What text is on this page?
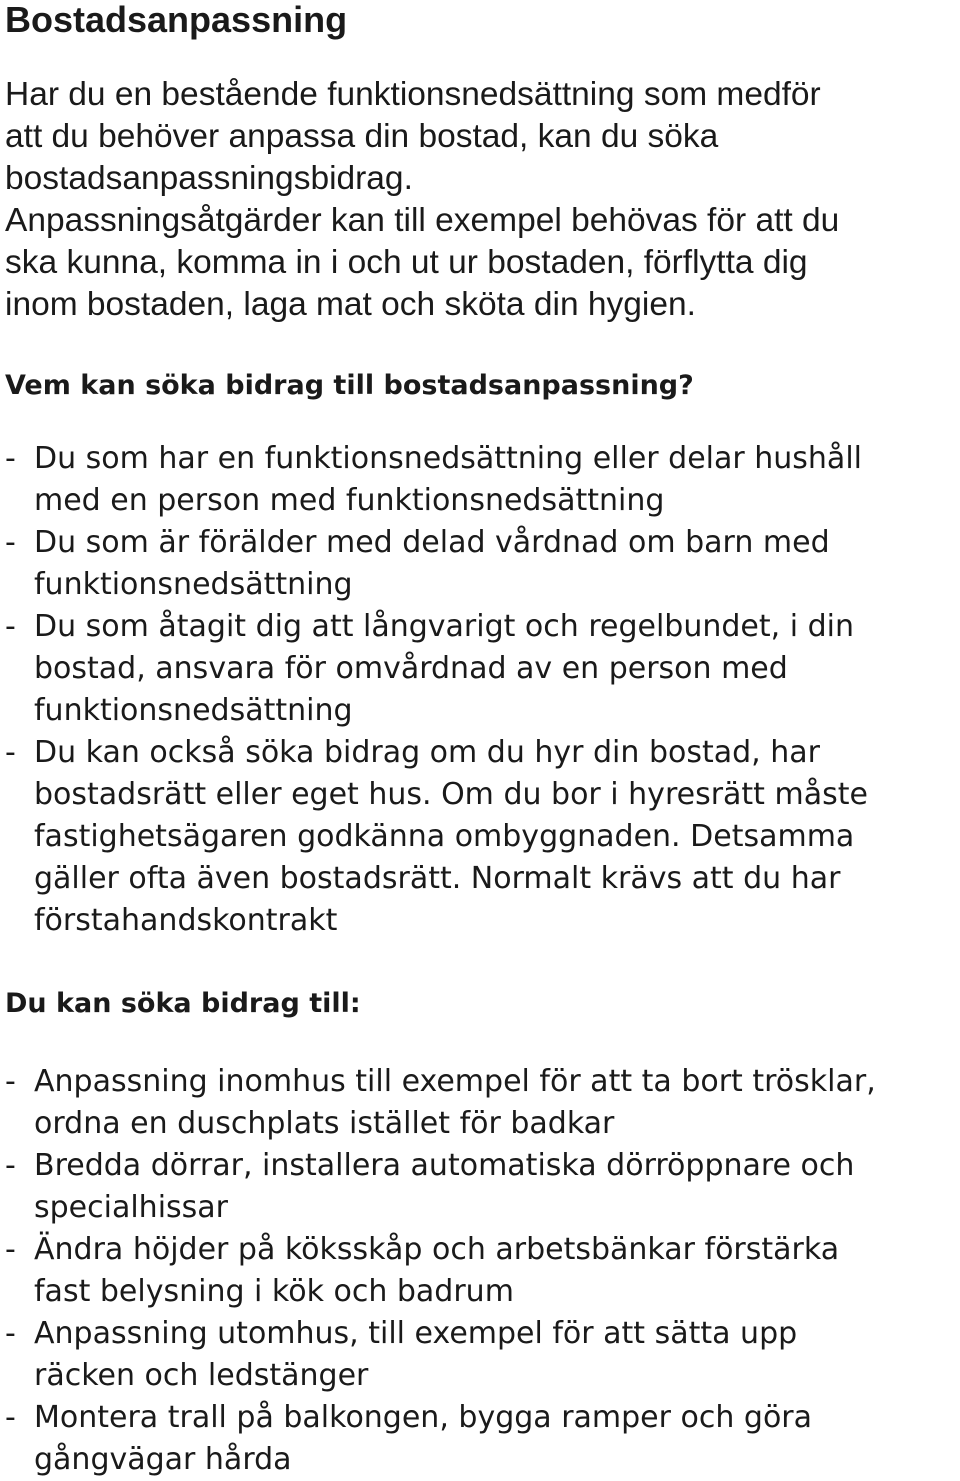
Bostadsanpassning

Har du en bestående funktionsnedsättning som medför
att du behöver anpassa din bostad, kan du söka
bostadsanpassningsbidrag.
Anpassningsåtgärder kan till exempel behövas för att du
ska kunna, komma in i och ut ur bostaden, förflytta dig
inom bostaden, laga mat och sköta din hygien.

Vem kan söka bidrag till bostadsanpassning?
- Du som har en funktionsnedsättning eller delar hushåll
med en person med funktionsnedsättning
- Du som är förälder med delad vårdnad om barn med
funktionsnedsättning
- Du som åtagit dig att långvarigt och regelbundet, i din
bostad, ansvara för omvårdnad av en person med
funktionsnedsättning
- Du kan också söka bidrag om du hyr din bostad, har
bostadsrätt eller eget hus. Om du bor i hyresrätt måste
fastighetsägaren godkänna ombyggnaden. Detsamma
gäller ofta även bostadsrätt. Normalt krävs att du har
förstahandskontrakt
Du kan söka bidrag till:
- Anpassning inomhus till exempel för att ta bort trösklar,
ordna en duschplats istället för badkar
- Bredda dörrar, installera automatiska dörröppnare och
specialhissar
- Ändra höjder på köksskåp och arbetsbänkar förstärka
fast belysning i kök och badrum
- Anpassning utomhus, till exempel för att sätta upp
räcken och ledstänger
- Montera trall på balkongen, bygga ramper och göra
gångvägar hårda
